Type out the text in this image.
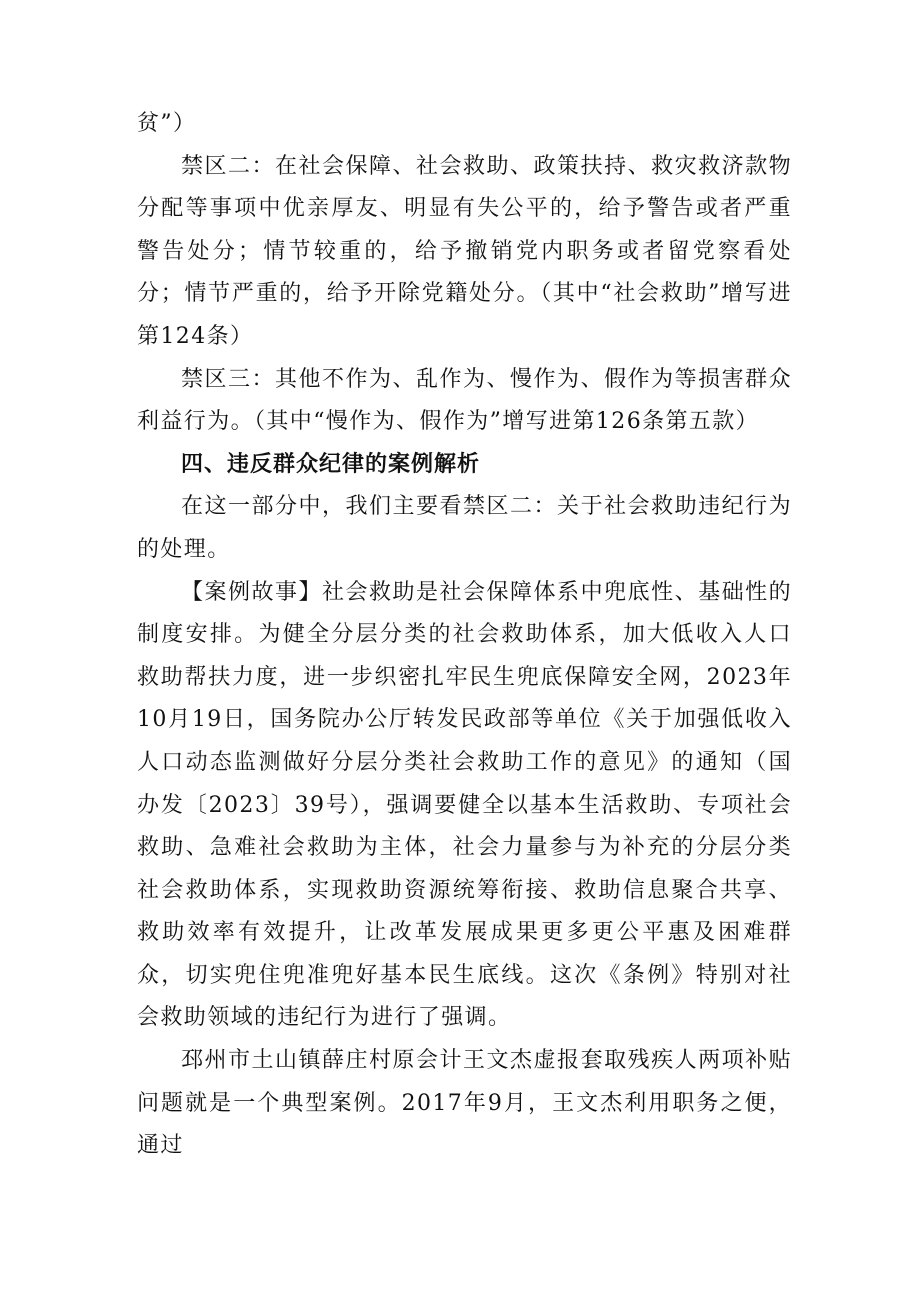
贫”）

禁区二：在社会保障、社会救助、政策扶持、救灾救济款物分配等事项中优亲厚友、明显有失公平的，给予警告或者严重警告处分；情节较重的，给予撤销党内职务或者留党察看处分；情节严重的，给予开除党籍处分。（其中“社会救助”增写进第124条）

禁区三：其他不作为、乱作为、慢作为、假作为等损害群众利益行为。（其中“慢作为、假作为”增写进第126条第五款）

四、违反群众纪律的案例解析

在这一部分中，我们主要看禁区二：关于社会救助违纪行为的处理。

【案例故事】社会救助是社会保障体系中兜底性、基础性的制度安排。为健全分层分类的社会救助体系，加大低收入人口救助帮扶力度，进一步织密扎牢民生兜底保障安全网，2023年10月19日，国务院办公厅转发民政部等单位《关于加强低收入人口动态监测做好分层分类社会救助工作的意见》的通知（国办发〔2023〕39号），强调要健全以基本生活救助、专项社会救助、急难社会救助为主体，社会力量参与为补充的分层分类社会救助体系，实现救助资源统筹衔接、救助信息聚合共享、救助效率有效提升，让改革发展成果更多更公平惠及困难群众，切实兜住兜准兜好基本民生底线。这次《条例》特别对社会救助领域的违纪行为进行了强调。

邳州市土山镇薛庄村原会计王文杰虚报套取残疾人两项补贴问题就是一个典型案例。2017年9月，王文杰利用职务之便，通过
